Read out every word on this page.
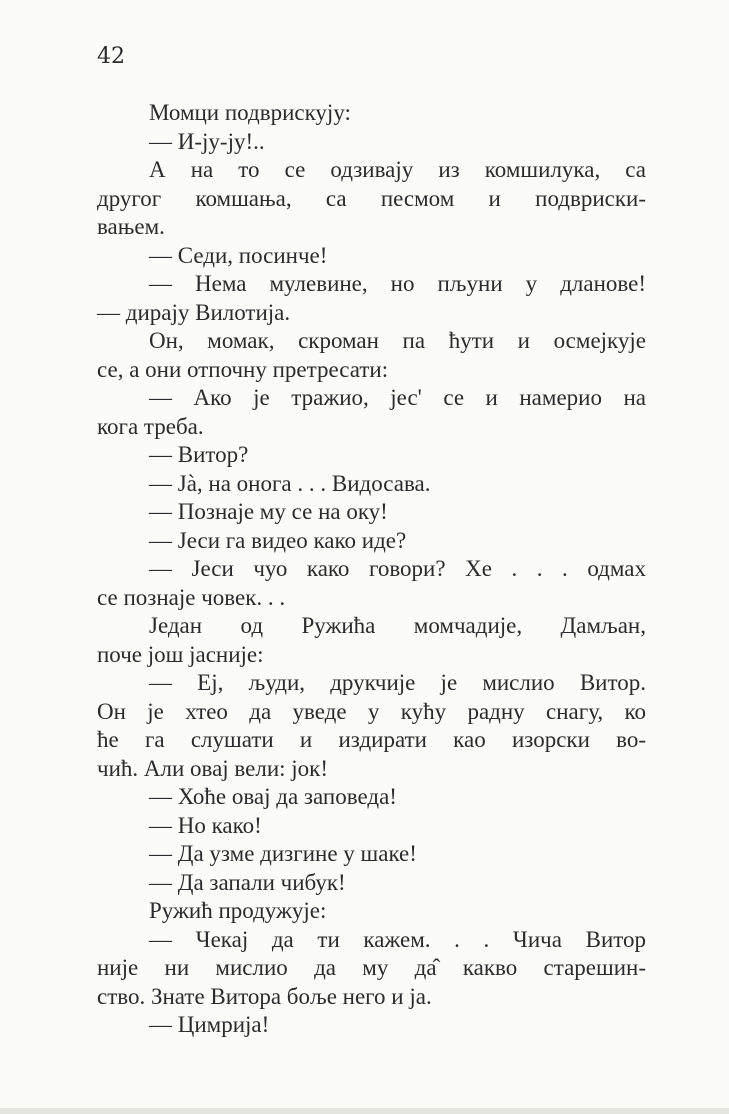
42
Момци подврискују:
— И-ју-ју!..
А на то се одзивају из комшилука, са
другог комшања, са песмом и подвриски-
вањем.
— Седи, посинче!
— Нема мулевине, но пљуни у дланове!
— дирају Вилотија.
Он, момак, скроман па ћути и осмејкује
се, а они отпочну претресати:
— Ако је тражио, јес' се и намерио на
кога треба.
— Витор?
— Jà, на онога . . . Видосава.
— Познаје му се на оку!
— Јеси га видео како иде?
— Јеси чуо како говори? Хе . . . одмах
се познаје човек. . .
Један од Ружића момчадије, Дамљан,
поче још јасније:
— Еј, људи, друкчије је мислио Витор.
Он је хтео да уведе у кућу радну снагу, ко
ће га слушати и издирати као изорски во-
чић. Али овај вели: јок!
— Хоће овај да заповеда!
— Но како!
— Да узме дизгине у шаке!
— Да запали чибук!
Ружић продужује:
— Чекај да ти кажем. . . Чича Витор
није ни мислио да му да̂ какво старешин-
ство. Знате Витора боље него и ја.
— Цимрија!
